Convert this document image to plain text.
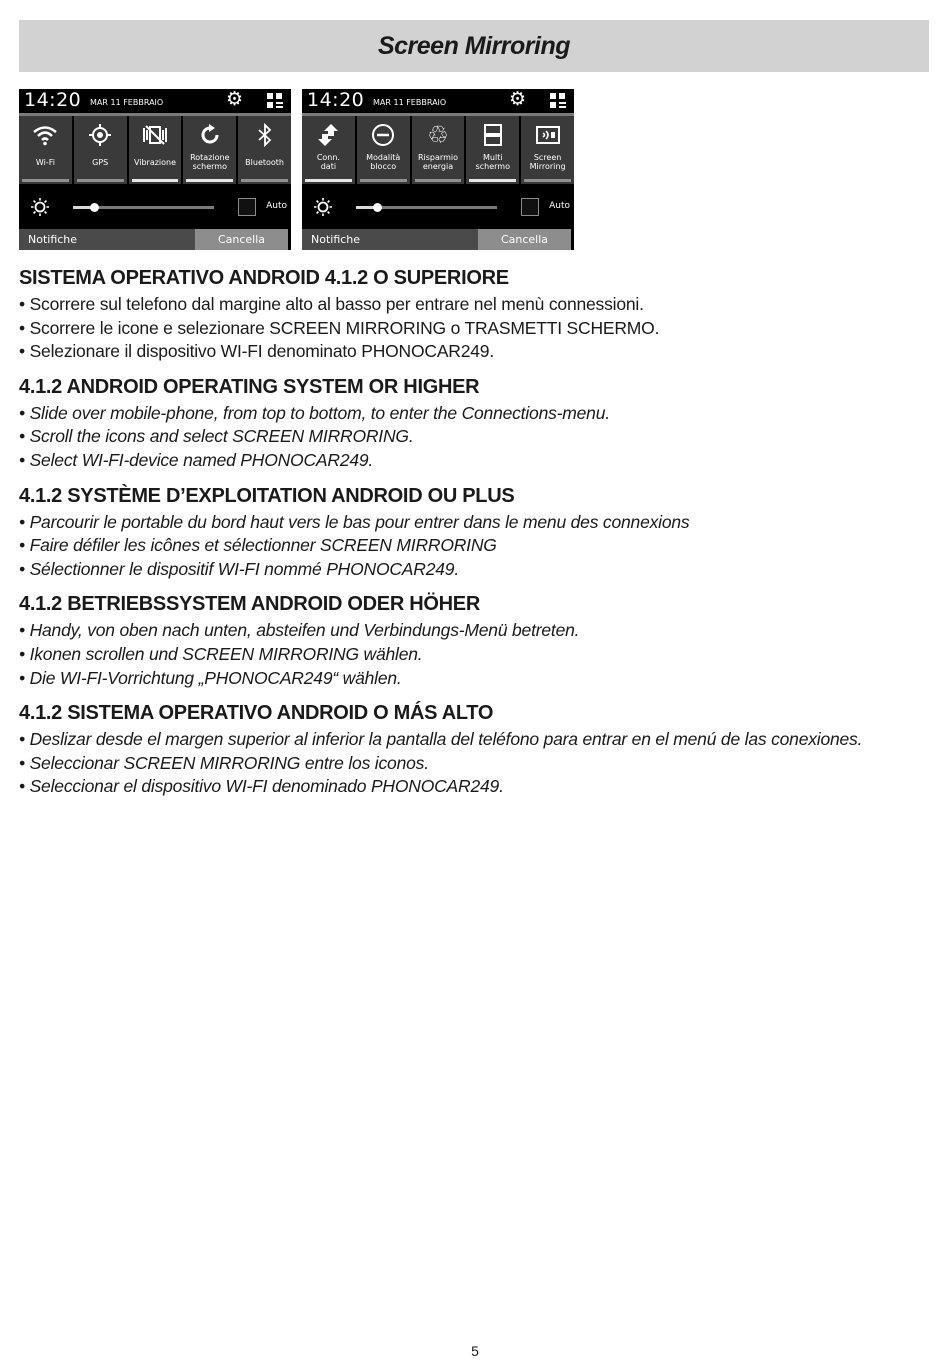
Screen Mirroring
14:20 MAR 11 FEBBRAIO	⚙
Wi-Fi	GPS	Vibrazione Rotazione
schermo	Bluetooth
Auto
Notifiche	Cancella
14:20 MAR 11 FEBBRAIO	⚙
Conn.
dati
Modalità
blocco
♲
Risparmio
energia
Multi
schermo
Screen
Mirroring
Auto
Notifiche	Cancella
SISTEMA OPERATIVO ANDROID 4.1.2 O SUPERIORE
• Scorrere sul telefono dal margine alto al basso per entrare nel menù connessioni.
• Scorrere le icone e selezionare SCREEN MIRRORING o TRASMETTI SCHERMO.
• Selezionare il dispositivo WI-FI denominato PHONOCAR249.
4.1.2 ANDROID OPERATING SYSTEM OR HIGHER
• Slide over mobile-phone, from top to bottom, to enter the Connections-menu.
• Scroll the icons and select SCREEN MIRRORING.
• Select WI-FI-device named PHONOCAR249.
4.1.2 SYSTÈME D’EXPLOITATION ANDROID OU PLUS
• Parcourir le portable du bord haut vers le bas pour entrer dans le menu des connexions
• Faire défiler les icônes et sélectionner SCREEN MIRRORING
• Sélectionner le dispositif WI-FI nommé PHONOCAR249.
4.1.2 BETRIEBSSYSTEM ANDROID ODER HÖHER
• Handy, von oben nach unten, absteifen und Verbindungs-Menü betreten.
• Ikonen scrollen und SCREEN MIRRORING wählen.
• Die WI-FI-Vorrichtung „PHONOCAR249“ wählen.
4.1.2 SISTEMA OPERATIVO ANDROID O MÁS ALTO
• Deslizar desde el margen superior al inferior la pantalla del teléfono para entrar en el menú de las conexiones.
• Seleccionar SCREEN MIRRORING entre los iconos.
• Seleccionar el dispositivo WI-FI denominado PHONOCAR249.
5
